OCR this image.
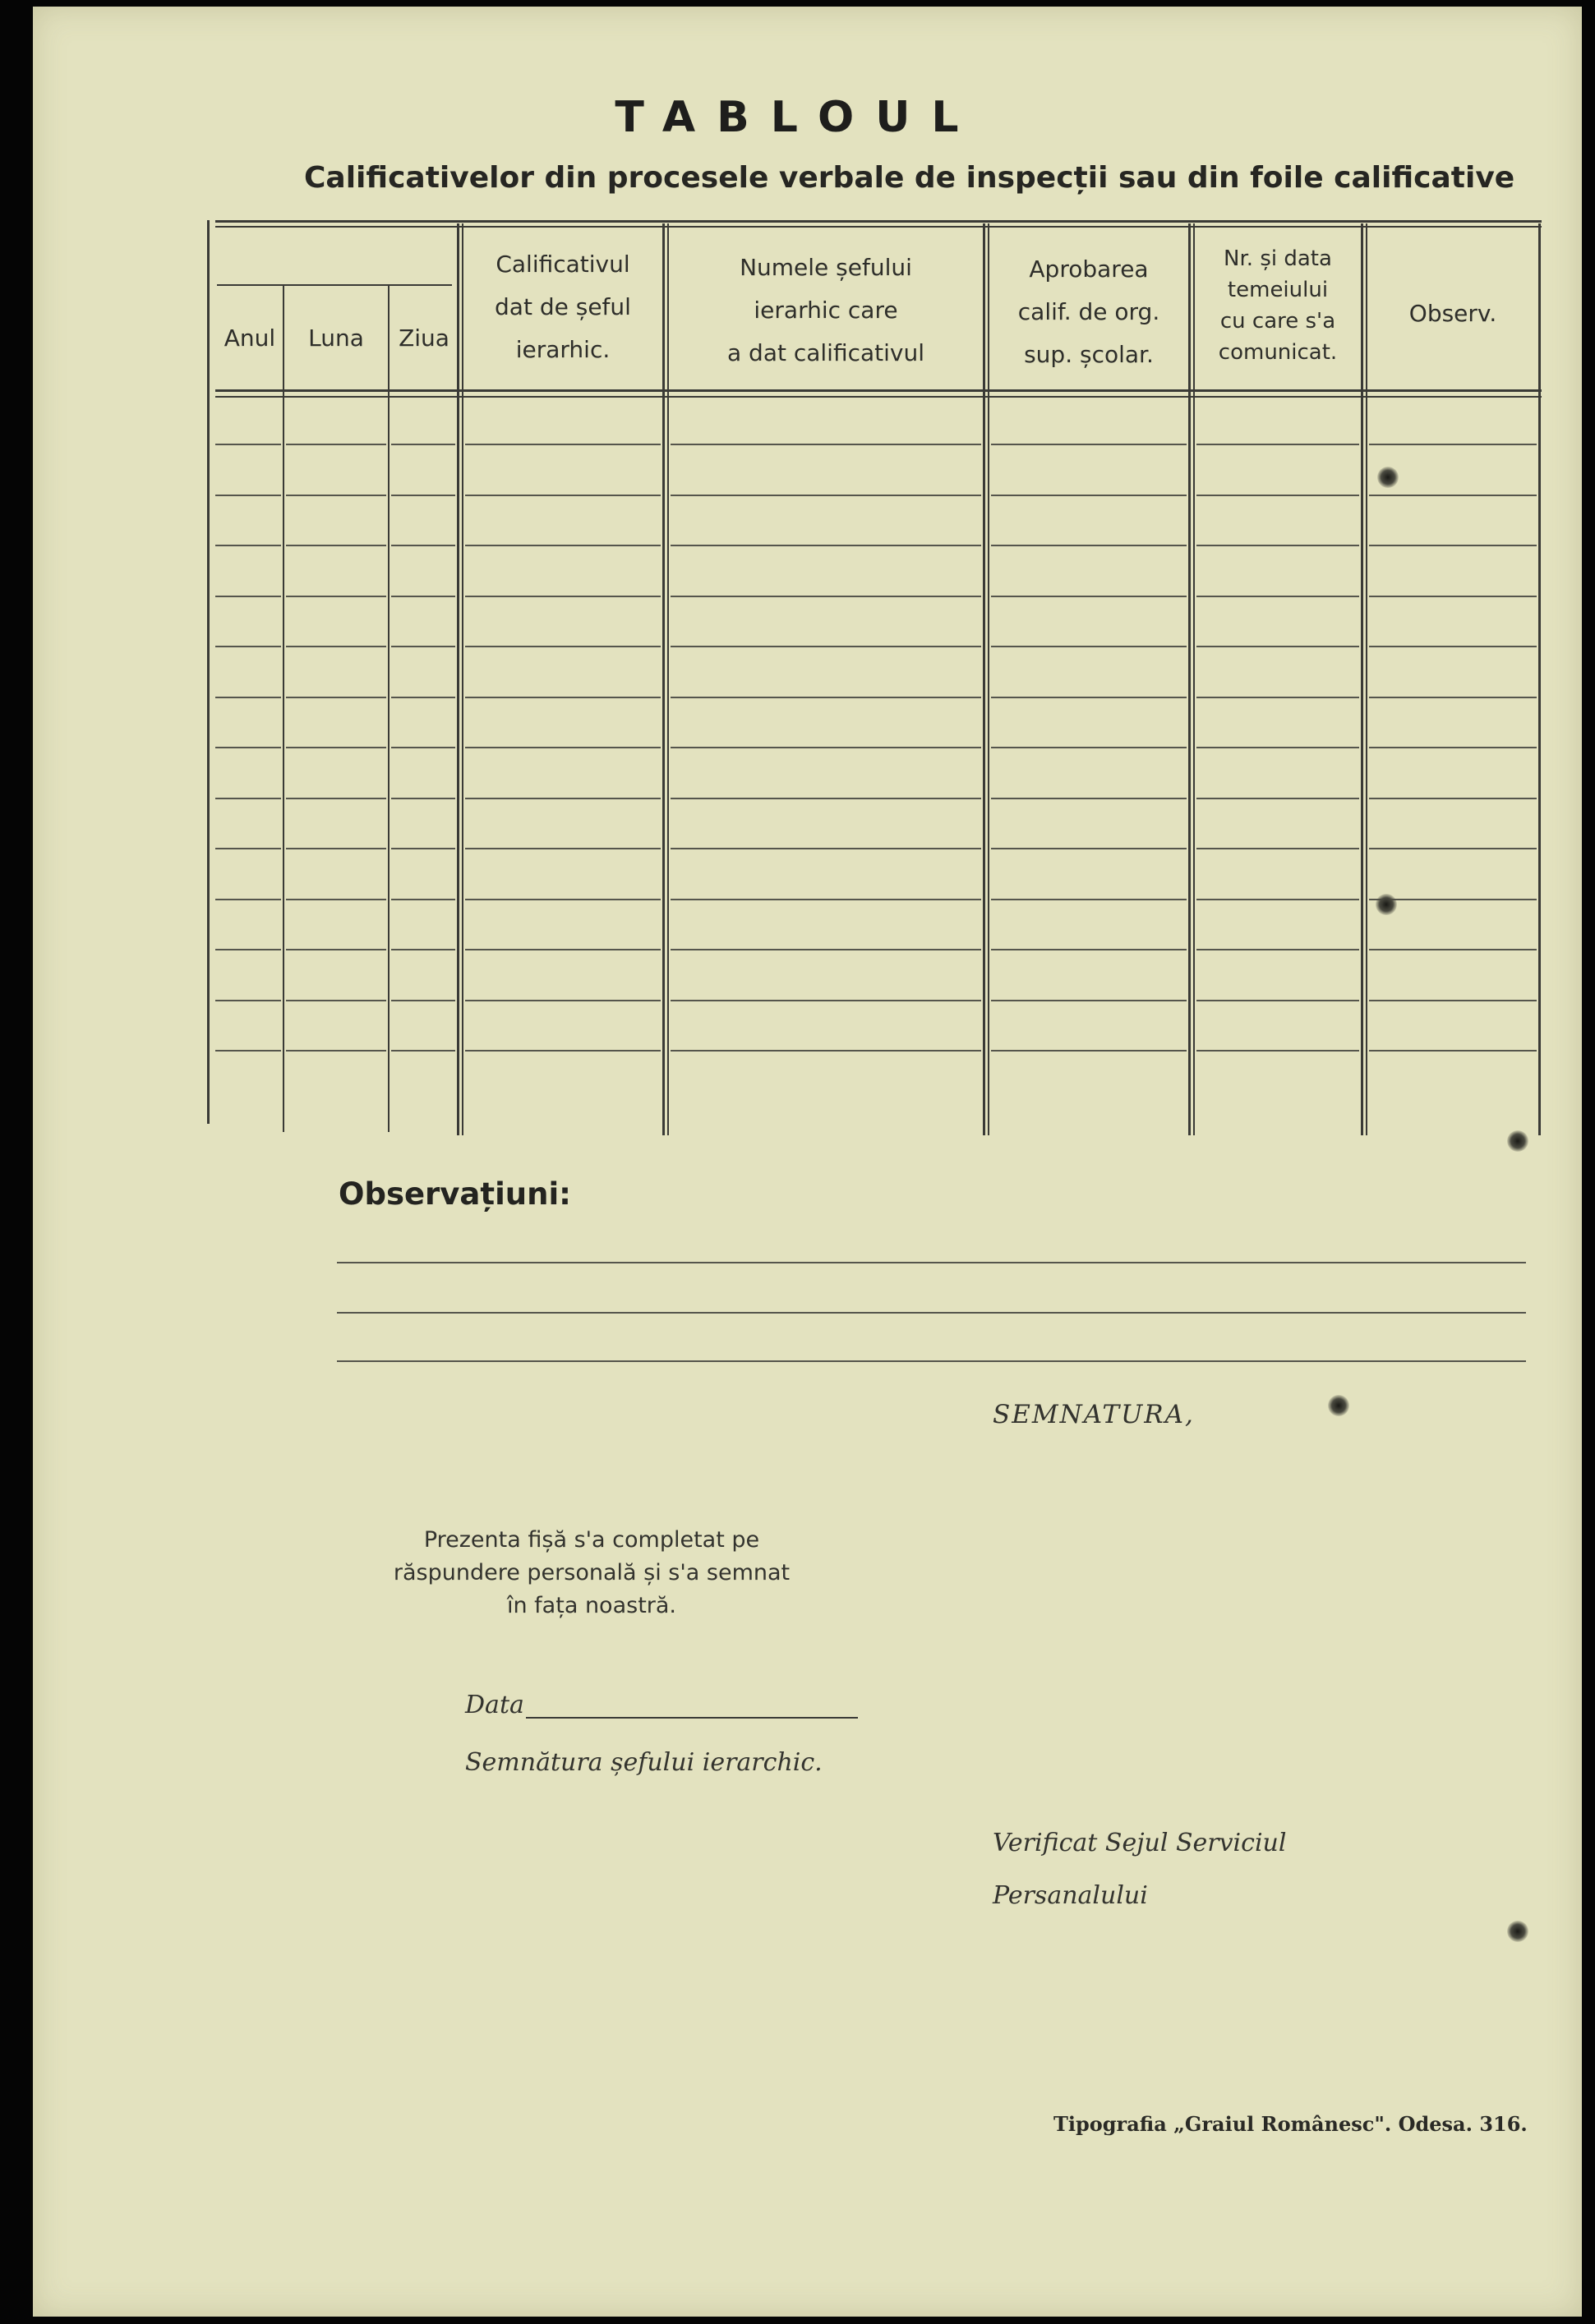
TABLOUL
Calificativelor din procesele verbale de inspecții sau din foile calificative
Anul	Luna	Ziua
Calificativul
dat de șeful
ierarhic.
Numele șefului
ierarhic care
a dat calificativul
Aprobarea
calif. de org.
sup. școlar.
Nr. și data
temeiului
cu care s'a
comunicat.
Observ.
Observațiuni:
SEMNATURA,
Prezenta fișă s'a completat pe răspundere personală și s'a semnat în fața noastră.
Data
Semnătura șefului ierarchic.
Verificat Sejul Serviciul
Persanalului
Tipografia „Graiul Românesc". Odesa. 316.
